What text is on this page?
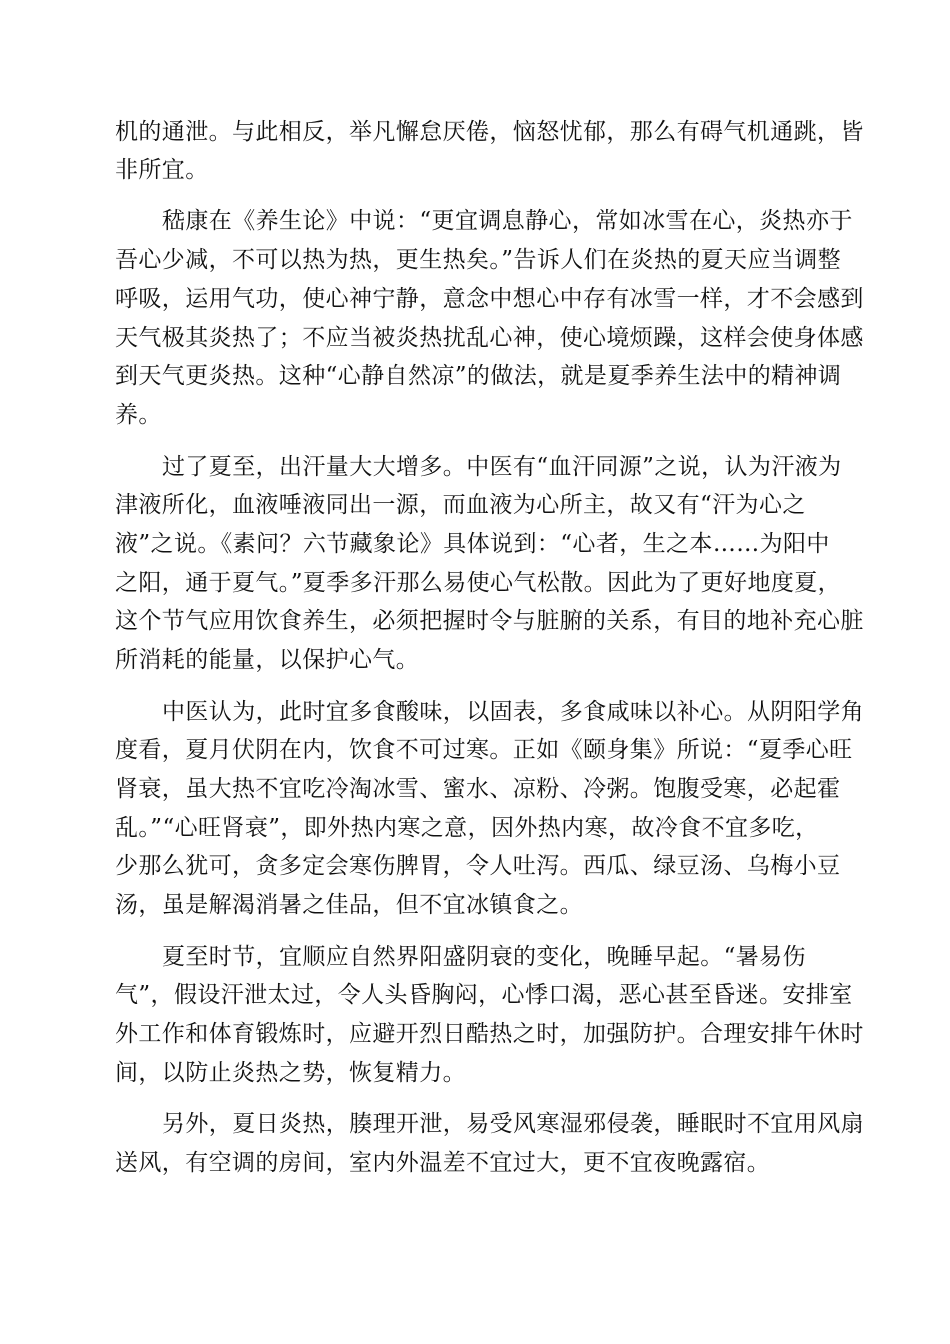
机的通泄。与此相反，举凡懈怠厌倦，恼怒忧郁，那么有碍气机通跳，皆
非所宜。
嵇康在《养生论》中说：“更宜调息静心，常如冰雪在心，炎热亦于
吾心少减，不可以热为热，更生热矣。”告诉人们在炎热的夏天应当调整
呼吸，运用气功，使心神宁静，意念中想心中存有冰雪一样，才不会感到
天气极其炎热了；不应当被炎热扰乱心神，使心境烦躁，这样会使身体感
到天气更炎热。这种“心静自然凉”的做法，就是夏季养生法中的精神调
养。
过了夏至，出汗量大大增多。中医有“血汗同源”之说，认为汗液为
津液所化，血液唾液同出一源，而血液为心所主，故又有“汗为心之
液”之说。《素问？六节藏象论》具体说到：“心者，生之本……为阳中
之阳，通于夏气。”夏季多汗那么易使心气松散。因此为了更好地度夏，
这个节气应用饮食养生，必须把握时令与脏腑的关系，有目的地补充心脏
所消耗的能量，以保护心气。
中医认为，此时宜多食酸味，以固表，多食咸味以补心。从阴阳学角
度看，夏月伏阴在内，饮食不可过寒。正如《颐身集》所说：“夏季心旺
肾衰，虽大热不宜吃冷淘冰雪、蜜水、凉粉、冷粥。饱腹受寒，必起霍
乱。”“心旺肾衰”，即外热内寒之意，因外热内寒，故冷食不宜多吃，
少那么犹可，贪多定会寒伤脾胃，令人吐泻。西瓜、绿豆汤、乌梅小豆
汤，虽是解渴消暑之佳品，但不宜冰镇食之。
夏至时节，宜顺应自然界阳盛阴衰的变化，晚睡早起。“暑易伤
气”，假设汗泄太过，令人头昏胸闷，心悸口渴，恶心甚至昏迷。安排室
外工作和体育锻炼时，应避开烈日酷热之时，加强防护。合理安排午休时
间，以防止炎热之势，恢复精力。
另外，夏日炎热，腠理开泄，易受风寒湿邪侵袭，睡眠时不宜用风扇
送风，有空调的房间，室内外温差不宜过大，更不宜夜晚露宿。
